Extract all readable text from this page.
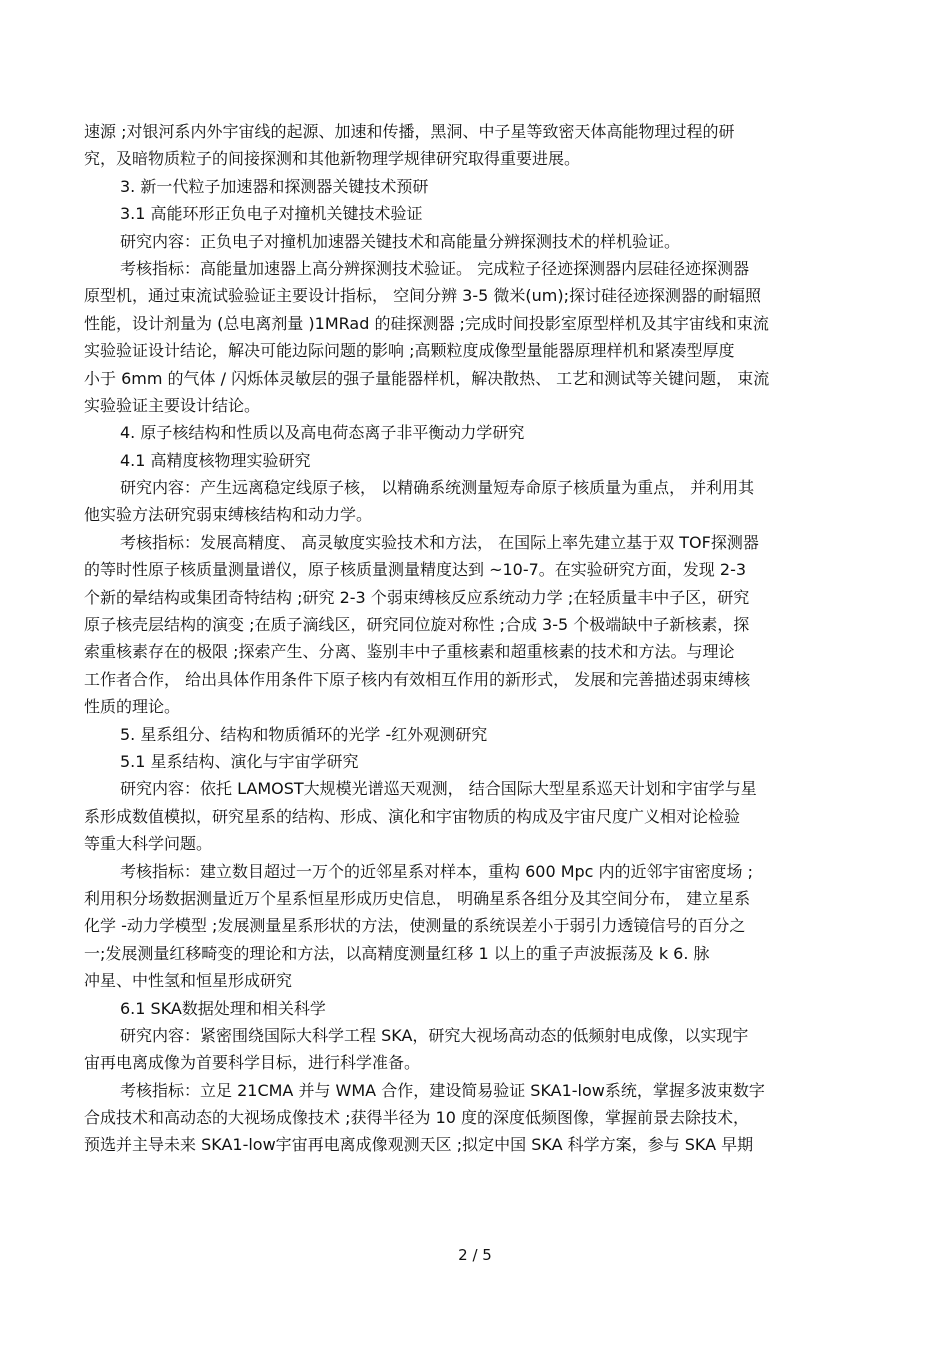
速源 ;对银河系内外宇宙线的起源、加速和传播，黑洞、中子星等致密天体高能物理过程的研
究，及暗物质粒子的间接探测和其他新物理学规律研究取得重要进展。
3. 新一代粒子加速器和探测器关键技术预研
3.1 高能环形正负电子对撞机关键技术验证
研究内容：正负电子对撞机加速器关键技术和高能量分辨探测技术的样机验证。
考核指标：高能量加速器上高分辨探测技术验证。 完成粒子径迹探测器内层硅径迹探测器
原型机，通过束流试验验证主要设计指标， 空间分辨 3-5 微米(um);探讨硅径迹探测器的耐辐照
性能，设计剂量为 (总电离剂量 )1MRad 的硅探测器 ;完成时间投影室原型样机及其宇宙线和束流
实验验证设计结论，解决可能边际问题的影响 ;高颗粒度成像型量能器原理样机和紧凑型厚度
小于 6mm 的气体 / 闪烁体灵敏层的强子量能器样机，解决散热、 工艺和测试等关键问题， 束流
实验验证主要设计结论。
4. 原子核结构和性质以及高电荷态离子非平衡动力学研究
4.1 高精度核物理实验研究
研究内容：产生远离稳定线原子核， 以精确系统测量短寿命原子核质量为重点， 并利用其
他实验方法研究弱束缚核结构和动力学。
考核指标：发展高精度、 高灵敏度实验技术和方法， 在国际上率先建立基于双 TOF探测器
的等时性原子核质量测量谱仪，原子核质量测量精度达到 ~10-7。在实验研究方面，发现 2-3
个新的晕结构或集团奇特结构 ;研究 2-3 个弱束缚核反应系统动力学 ;在轻质量丰中子区，研究
原子核壳层结构的演变 ;在质子滴线区，研究同位旋对称性 ;合成 3-5 个极端缺中子新核素，探
索重核素存在的极限 ;探索产生、分离、鉴别丰中子重核素和超重核素的技术和方法。与理论
工作者合作， 给出具体作用条件下原子核内有效相互作用的新形式， 发展和完善描述弱束缚核
性质的理论。
5. 星系组分、结构和物质循环的光学 -红外观测研究
5.1 星系结构、演化与宇宙学研究
研究内容：依托 LAMOST大规模光谱巡天观测， 结合国际大型星系巡天计划和宇宙学与星
系形成数值模拟，研究星系的结构、形成、演化和宇宙物质的构成及宇宙尺度广义相对论检验
等重大科学问题。
考核指标：建立数目超过一万个的近邻星系对样本，重构 600 Mpc 内的近邻宇宙密度场 ;
利用积分场数据测量近万个星系恒星形成历史信息， 明确星系各组分及其空间分布， 建立星系
化学 -动力学模型 ;发展测量星系形状的方法，使测量的系统误差小于弱引力透镜信号的百分之
一;发展测量红移畸变的理论和方法，以高精度测量红移 1 以上的重子声波振荡及 k 6. 脉
冲星、中性氢和恒星形成研究
6.1 SKA数据处理和相关科学
研究内容：紧密围绕国际大科学工程 SKA，研究大视场高动态的低频射电成像，以实现宇
宙再电离成像为首要科学目标，进行科学准备。
考核指标：立足 21CMA 并与 WMA 合作，建设简易验证 SKA1-low系统，掌握多波束数字
合成技术和高动态的大视场成像技术 ;获得半径为 10 度的深度低频图像，掌握前景去除技术，
预选并主导未来 SKA1-low宇宙再电离成像观测天区 ;拟定中国 SKA 科学方案，参与 SKA 早期
2 / 5
